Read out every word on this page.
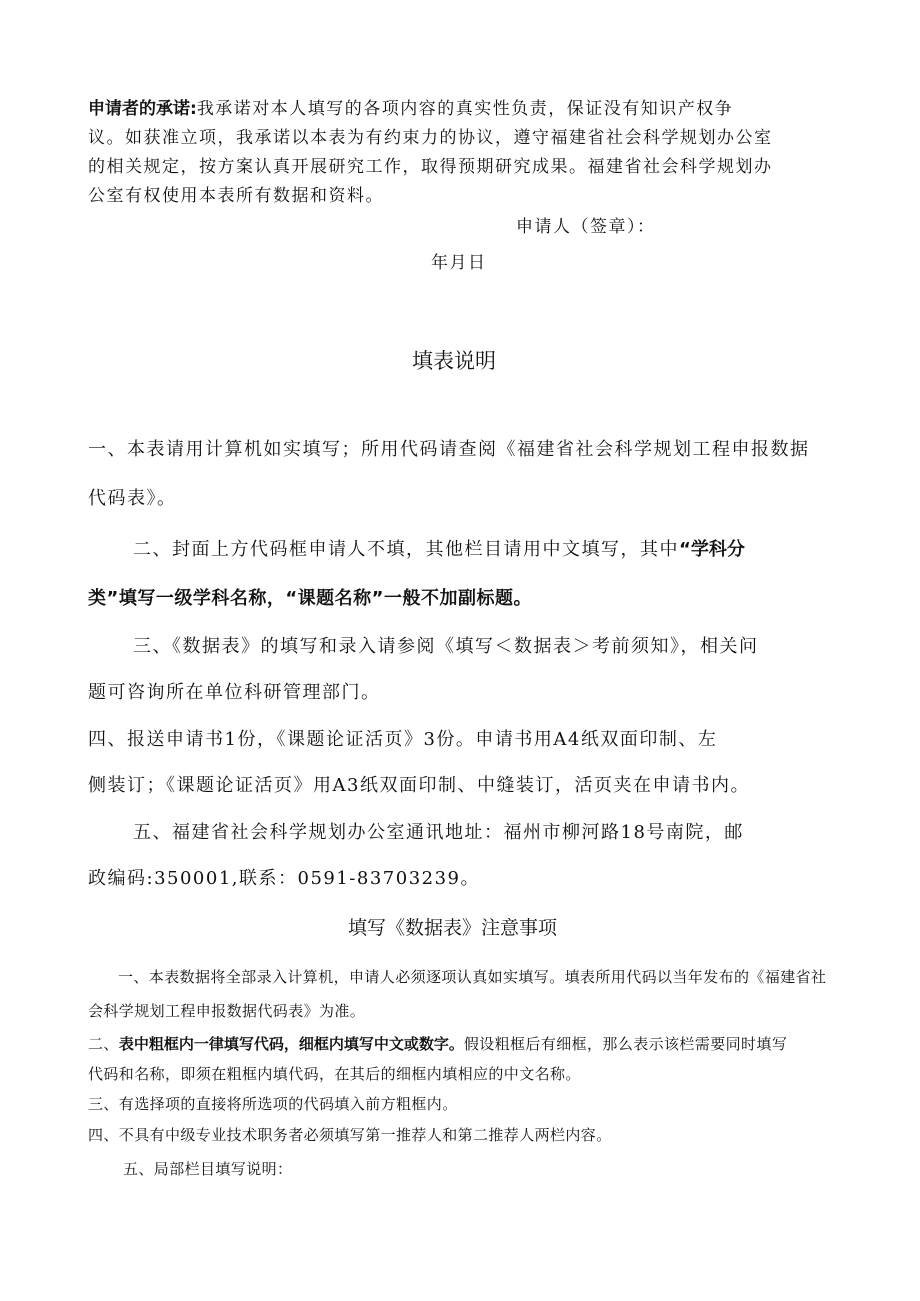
申请者的承诺:我承诺对本人填写的各项内容的真实性负责，保证没有知识产权争

议。如获准立项，我承诺以本表为有约束力的协议，遵守福建省社会科学规划办公室

的相关规定，按方案认真开展研究工作，取得预期研究成果。福建省社会科学规划办

公室有权使用本表所有数据和资料。

申请人（签章）：

年月日

填表说明

一、本表请用计算机如实填写；所用代码请查阅《福建省社会科学规划工程申报数据

代码表》。

二、封面上方代码框申请人不填，其他栏目请用中文填写，其中“学科分

类”填写一级学科名称，“课题名称”一般不加副标题。

三、《数据表》的填写和录入请参阅《填写＜数据表＞考前须知》，相关问

题可咨询所在单位科研管理部门。

四、报送申请书1份，《课题论证活页》3份。申请书用A4纸双面印制、左

侧装订；《课题论证活页》用A3纸双面印制、中缝装订，活页夹在申请书内。

五、福建省社会科学规划办公室通讯地址：福州市柳河路18号南院，邮

政编码:350001,联系：0591-83703239。

填写《数据表》注意事项

一、本表数据将全部录入计算机，申请人必须逐项认真如实填写。填表所用代码以当年发布的《福建省社

会科学规划工程申报数据代码表》为准。

二、表中粗框内一律填写代码，细框内填写中文或数字。假设粗框后有细框，那么表示该栏需要同时填写

代码和名称，即须在粗框内填代码，在其后的细框内填相应的中文名称。

三、有选择项的直接将所选项的代码填入前方粗框内。

四、不具有中级专业技术职务者必须填写第一推荐人和第二推荐人两栏内容。

五、局部栏目填写说明：
